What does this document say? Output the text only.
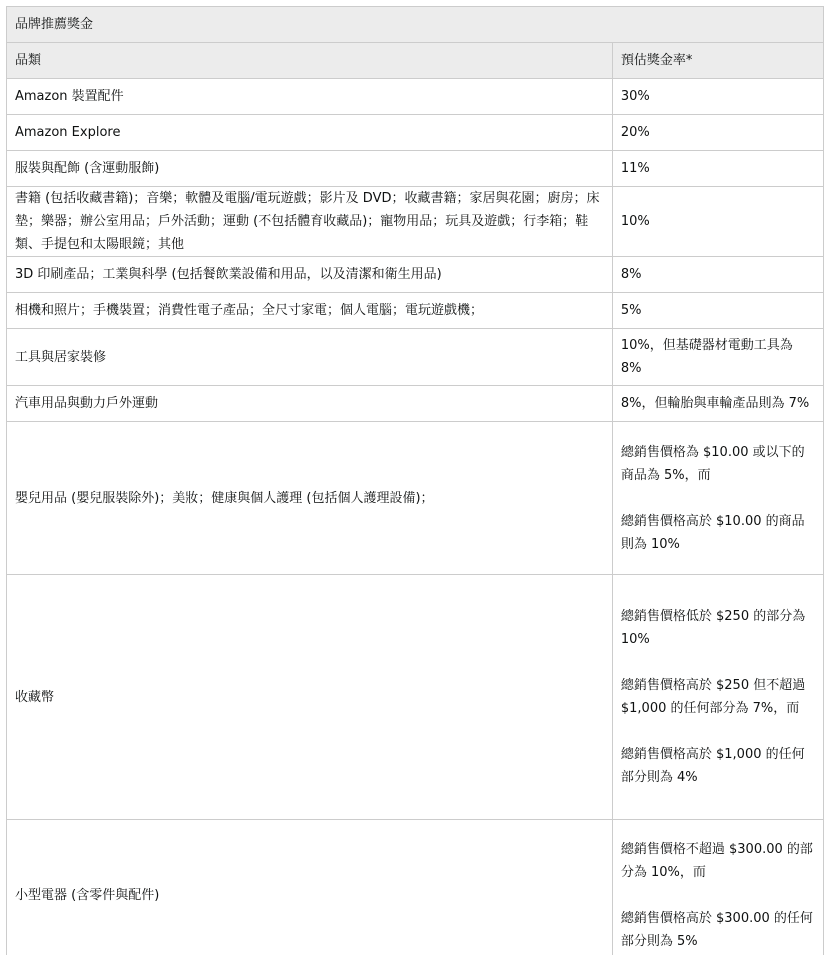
品牌推薦獎金	
品類	預估獎金率*
Amazon 裝置配件	30%
Amazon Explore	20%
服裝與配飾 (含運動服飾)	11%
書籍 (包括收藏書籍)；音樂；軟體及電腦/電玩遊戲；影片及 DVD；收藏書籍；家居與花園；廚房；床墊；樂器；辦公室用品；戶外活動；運動 (不包括體育收藏品)；寵物用品；玩具及遊戲；行李箱；鞋類、手提包和太陽眼鏡；其他	10%
3D 印刷產品；工業與科學 (包括餐飲業設備和用品，以及清潔和衛生用品)	8%
相機和照片；手機裝置；消費性電子產品；全尺寸家電；個人電腦；電玩遊戲機；	5%
工具與居家裝修	10%，但基礎器材電動工具為 8%
汽車用品與動力戶外運動	8%，但輪胎與車輪產品則為 7%
嬰兒用品 (嬰兒服裝除外)；美妝；健康與個人護理 (包括個人護理設備)；	總銷售價格為 $10.00 或以下的商品為 5%，而

總銷售價格高於 $10.00 的商品則為 10%

收藏幣	總銷售價格低於 $250 的部分為 10%

總銷售價格高於 $250 但不超過 $1,000 的任何部分為 7%，而

總銷售價格高於 $1,000 的任何部分則為 4%

小型電器 (含零件與配件)	總銷售價格不超過 $300.00 的部分為 10%，而

總銷售價格高於 $300.00 的任何部分則為 5%
